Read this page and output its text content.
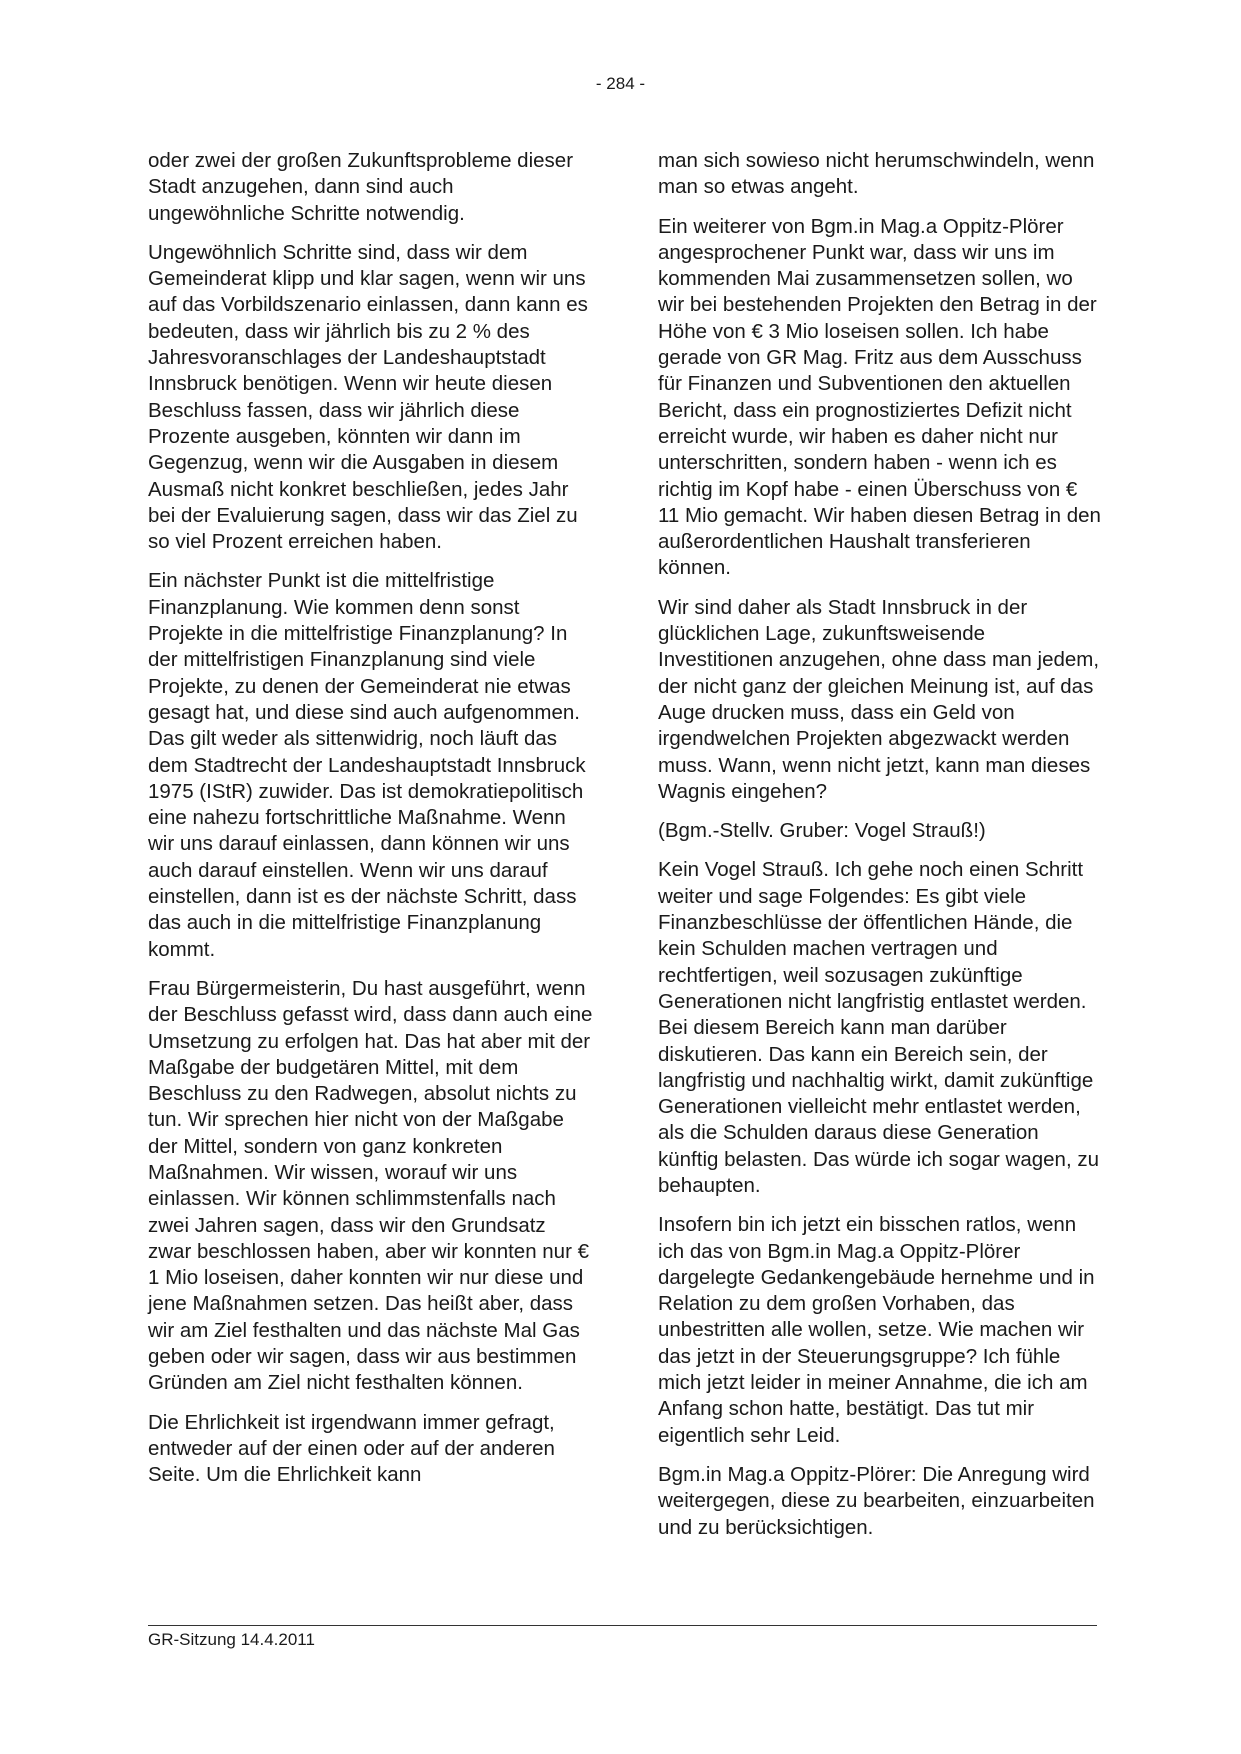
- 284 -

oder zwei der großen Zukunftsprobleme dieser Stadt anzugehen, dann sind auch ungewöhnliche Schritte notwendig.

Ungewöhnlich Schritte sind, dass wir dem Gemeinderat klipp und klar sagen, wenn wir uns auf das Vorbildszenario einlassen, dann kann es bedeuten, dass wir jährlich bis zu 2 % des Jahresvoranschlages der Landeshauptstadt Innsbruck benötigen. Wenn wir heute diesen Beschluss fassen, dass wir jährlich diese Prozente ausgeben, könnten wir dann im Gegenzug, wenn wir die Ausgaben in diesem Ausmaß nicht konkret beschließen, jedes Jahr bei der Evaluierung sagen, dass wir das Ziel zu so viel Prozent erreichen haben.

Ein nächster Punkt ist die mittelfristige Finanzplanung. Wie kommen denn sonst Projekte in die mittelfristige Finanzplanung? In der mittelfristigen Finanzplanung sind viele Projekte, zu denen der Gemeinderat nie etwas gesagt hat, und diese sind auch aufgenommen. Das gilt weder als sittenwidrig, noch läuft das dem Stadtrecht der Landeshauptstadt Innsbruck 1975 (IStR) zuwider. Das ist demokratiepolitisch eine nahezu fortschrittliche Maßnahme. Wenn wir uns darauf einlassen, dann können wir uns auch darauf einstellen. Wenn wir uns darauf einstellen, dann ist es der nächste Schritt, dass das auch in die mittelfristige Finanzplanung kommt.

Frau Bürgermeisterin, Du hast ausgeführt, wenn der Beschluss gefasst wird, dass dann auch eine Umsetzung zu erfolgen hat. Das hat aber mit der Maßgabe der budgetären Mittel, mit dem Beschluss zu den Radwegen, absolut nichts zu tun. Wir sprechen hier nicht von der Maßgabe der Mittel, sondern von ganz konkreten Maßnahmen. Wir wissen, worauf wir uns einlassen. Wir können schlimmstenfalls nach zwei Jahren sagen, dass wir den Grundsatz zwar beschlossen haben, aber wir konnten nur € 1 Mio loseisen, daher konnten wir nur diese und jene Maßnahmen setzen. Das heißt aber, dass wir am Ziel festhalten und das nächste Mal Gas geben oder wir sagen, dass wir aus bestimmen Gründen am Ziel nicht festhalten können.

Die Ehrlichkeit ist irgendwann immer gefragt, entweder auf der einen oder auf der anderen Seite. Um die Ehrlichkeit kann

man sich sowieso nicht herumschwindeln, wenn man so etwas angeht.

Ein weiterer von Bgm.in Mag.a Oppitz-Plörer angesprochener Punkt war, dass wir uns im kommenden Mai zusammensetzen sollen, wo wir bei bestehenden Projekten den Betrag in der Höhe von € 3 Mio loseisen sollen. Ich habe gerade von GR Mag. Fritz aus dem Ausschuss für Finanzen und Subventionen den aktuellen Bericht, dass ein prognostiziertes Defizit nicht erreicht wurde, wir haben es daher nicht nur unterschritten, sondern haben - wenn ich es richtig im Kopf habe - einen Überschuss von € 11 Mio gemacht. Wir haben diesen Betrag in den außerordentlichen Haushalt transferieren können.

Wir sind daher als Stadt Innsbruck in der glücklichen Lage, zukunftsweisende Investitionen anzugehen, ohne dass man jedem, der nicht ganz der gleichen Meinung ist, auf das Auge drucken muss, dass ein Geld von irgendwelchen Projekten abgezwackt werden muss. Wann, wenn nicht jetzt, kann man dieses Wagnis eingehen?

(Bgm.-Stellv. Gruber: Vogel Strauß!)

Kein Vogel Strauß. Ich gehe noch einen Schritt weiter und sage Folgendes: Es gibt viele Finanzbeschlüsse der öffentlichen Hände, die kein Schulden machen vertragen und rechtfertigen, weil sozusagen zukünftige Generationen nicht langfristig entlastet werden. Bei diesem Bereich kann man darüber diskutieren. Das kann ein Bereich sein, der langfristig und nachhaltig wirkt, damit zukünftige Generationen vielleicht mehr entlastet werden, als die Schulden daraus diese Generation künftig belasten. Das würde ich sogar wagen, zu behaupten.

Insofern bin ich jetzt ein bisschen ratlos, wenn ich das von Bgm.in Mag.a Oppitz-Plörer dargelegte Gedankengebäude hernehme und in Relation zu dem großen Vorhaben, das unbestritten alle wollen, setze. Wie machen wir das jetzt in der Steuerungsgruppe? Ich fühle mich jetzt leider in meiner Annahme, die ich am Anfang schon hatte, bestätigt. Das tut mir eigentlich sehr Leid.

Bgm.in Mag.a Oppitz-Plörer: Die Anregung wird weitergegen, diese zu bearbeiten, einzuarbeiten und zu berücksichtigen.

GR-Sitzung 14.4.2011
